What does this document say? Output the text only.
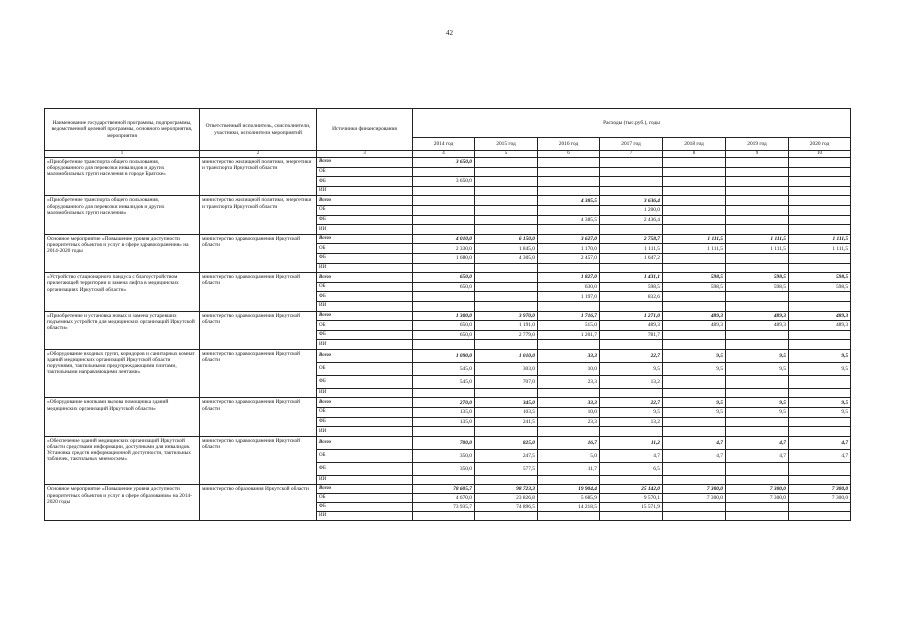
42
Наименование государственной программы, подпрограммы, ведомственной целевой программы, основного мероприятия, мероприятия	Ответственный исполнитель, соисполнители, участники, исполнители мероприятий	Источники финансирования	Расходы (тыс.руб.), годы						
			2014 год	2015 год	2016 год	2017 год	2018 год	2019 год	2020 год
1	2	3	4	5	6	7	8	9	10
«Приобретение транспорта общего пользования, оборудованного для перевозки инвалидов и других маломобильных групп населения в городе Братске»	министерство жилищной политики, энергетики и транспорта Иркутской области	Всего	3 650,0						
		ОБ							
		ФБ	3 650,0						
		ИИ							
«Приобретение транспорта общего пользования, оборудованного для перевозки инвалидов и других маломобильных групп населения»	министерство жилищной политики, энергетики и транспорта Иркутской области	Всего			4 385,5	3 636,4			
		ОБ				1 200,0			
		ФБ			4 385,5	2 436,4			
		ИИ							
Основное мероприятие «Повышение уровня доступности приоритетных объектов и услуг в сфере здравоохранения» на 2014-2020 годы	министерство здравоохранения Иркутской области	Всего	4 010,0	6 150,0	3 627,0	2 758,7	1 111,5	1 111,5	1 111,5
		ОБ	2 330,0	1 845,0	1 170,0	1 111,5	1 111,5	1 111,5	1 111,5
		ФБ	1 680,0	4 305,0	2 457,0	1 647,2			
		ИИ							
«Устройство стационарного пандуса с благоустройством прилегающей территории и замена лифта в медицинских организациях Иркутской области»	министерство здравоохранения Иркутской области	Всего	650,0		1 827,0	1 431,1	598,5	598,5	598,5
		ОБ	650,0		630,0	598,5	598,5	598,5	598,5
		ФБ			1 197,0	832,6			
		ИИ							
«Приобретение и установка новых и замена устаревших подъемных устройств для медицинских организаций Иркутской области»	министерство здравоохранения Иркутской области	Всего	1 300,0	3 970,0	1 716,7	1 271,0	489,3	489,3	489,3
		ОБ	650,0	1 191,0	515,0	489,3	489,3	489,3	489,3
		ФБ	650,0	2 779,0	1 201,7	781,7			
		ИИ							
«Оборудование входных групп, коридоров и санитарных комнат зданий медицинских организаций Иркутской области поручнями, тактильными предупреждающими плитами, тактильными направляющими лентами»	министерство здравоохранения Иркутской области	Всего	1 090,0	1 010,0	33,3	22,7	9,5	9,5	9,5
		ОБ	545,0	303,0	10,0	9,5	9,5	9,5	9,5
		ФБ	545,0	707,0	23,3	13,2			
		ИИ							
«Оборудование кнопками вызова помощника зданий медицинских организаций Иркутской области»	министерство здравоохранения Иркутской области	Всего	270,0	345,0	33,3	22,7	9,5	9,5	9,5
		ОБ	135,0	103,5	10,0	9,5	9,5	9,5	9,5
		ФБ	135,0	241,5	23,3	13,2			
		ИИ							
«Обеспечение зданий медицинских организаций Иркутской области средствами информации, доступными для инвалидов. Установка средств информационной доступности, тактильных табличек, тактильных мнемосхем»	министерство здравоохранения Иркутской области	Всего	700,0	825,0	16,7	11,2	4,7	4,7	4,7
		ОБ	350,0	247,5	5,0	4,7	4,7	4,7	4,7
		ФБ	350,0	577,5	11,7	6,5			
		ИИ							
Основное мероприятие «Повышение уровня доступности приоритетных объектов и услуг в сфере образования» на 2014-2020 годы	министерство образования Иркутской области	Всего	78 605,7	98 723,3	19 904,4	25 142,0	7 300,0	7 300,0	7 300,0
		ОБ	4 670,0	23 826,8	5 685,9	9 570,1	7 300,0	7 300,0	7 300,0
		ФБ	73 935,7	74 896,5	14 218,5	15 571,9			
		ИИ							
